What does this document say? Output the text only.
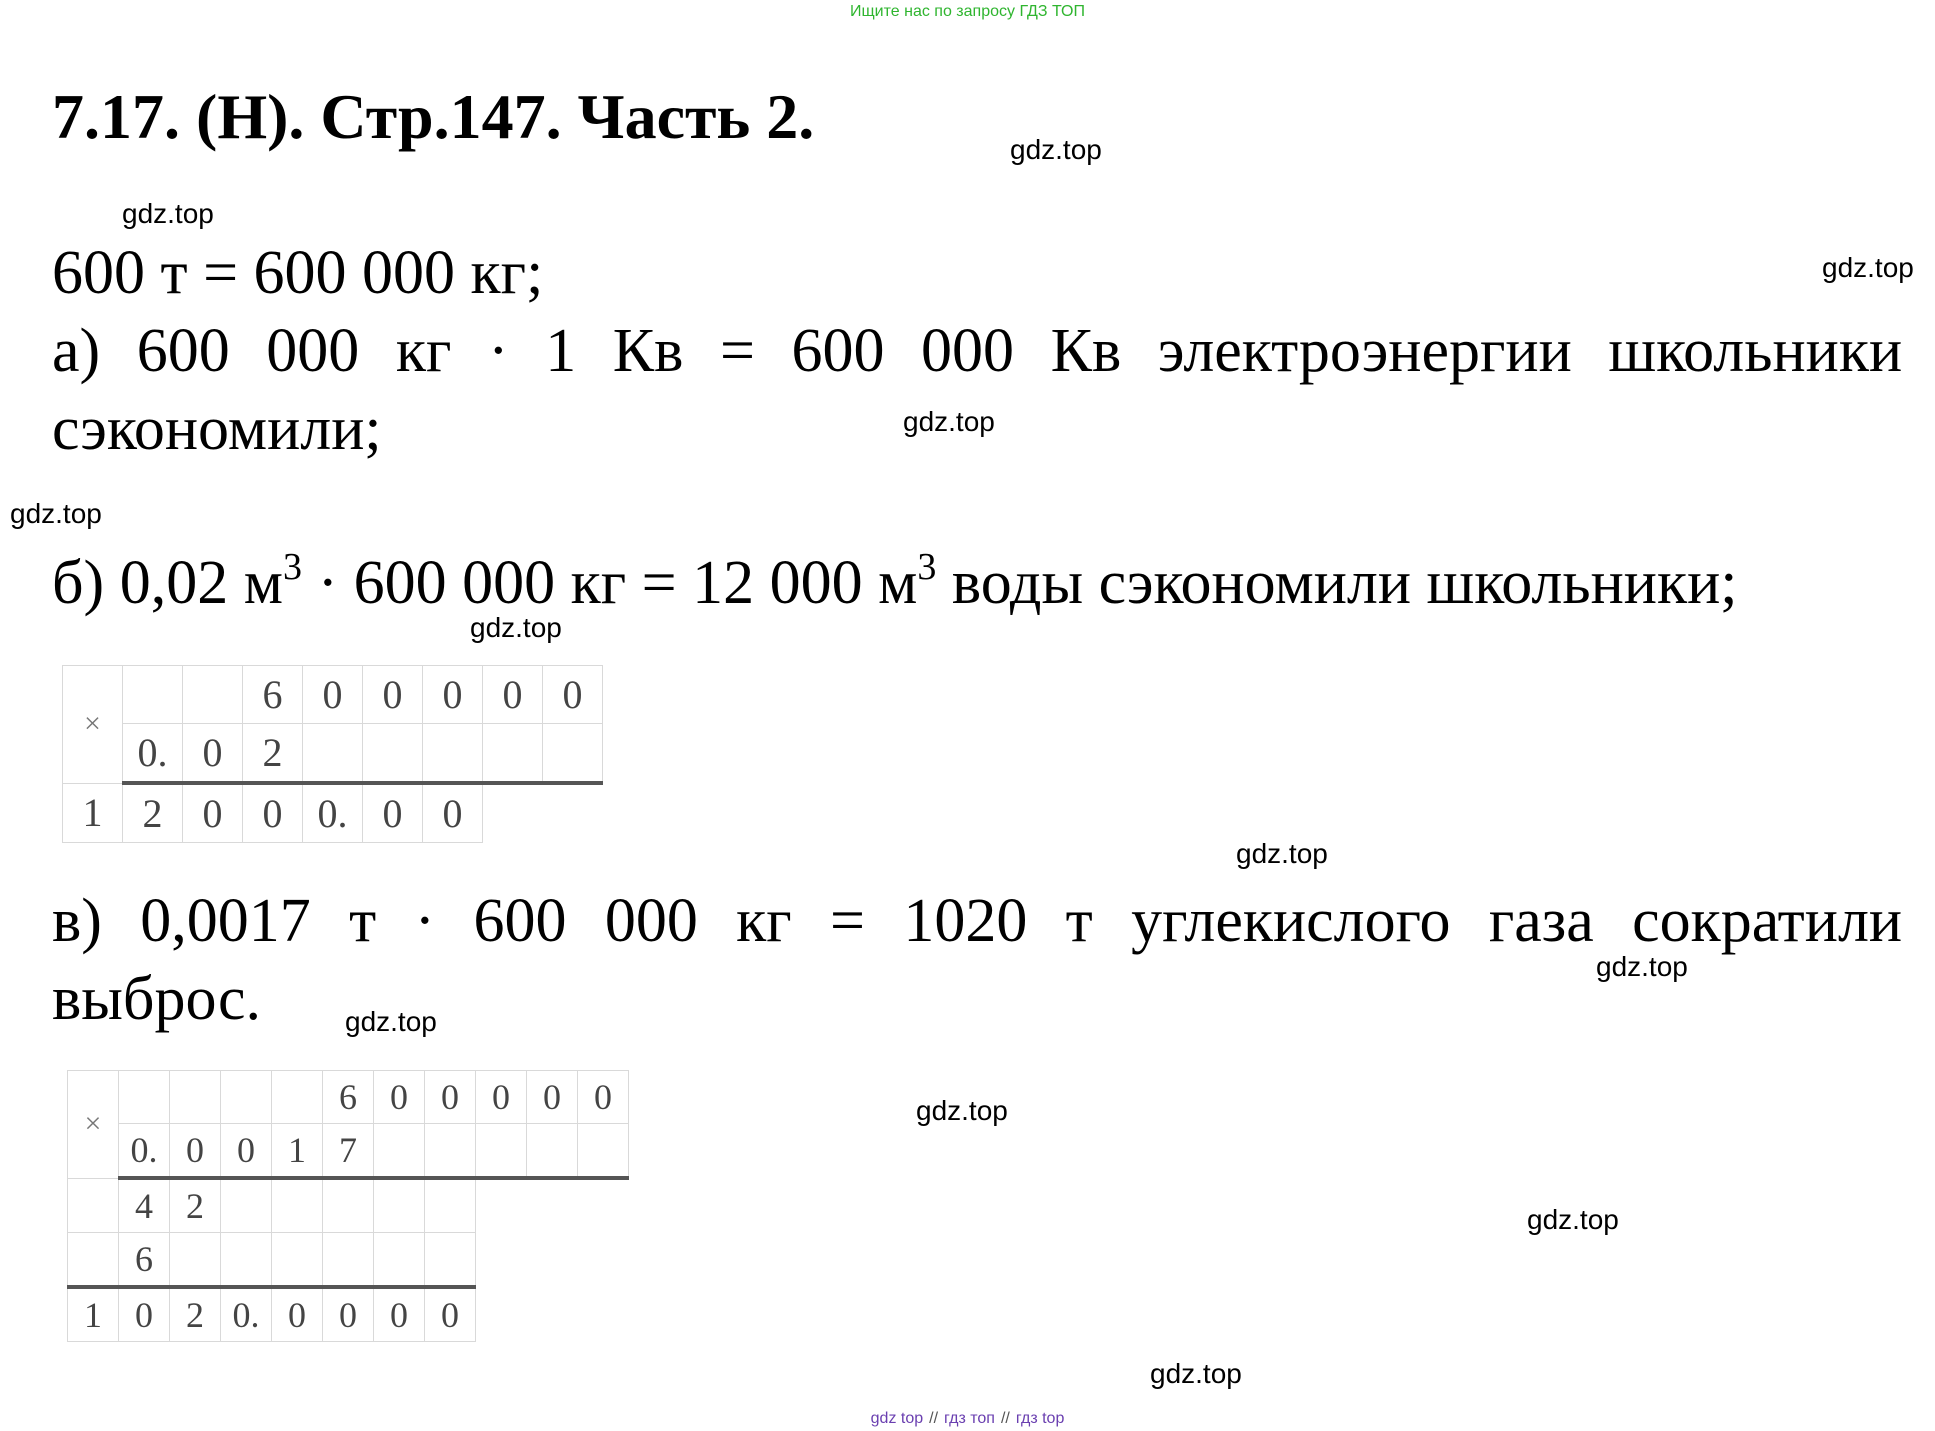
Ищите нас по запросу ГДЗ ТОП
7.17. (Н). Стр.147. Часть 2.	gdz.top
gdz.top
gdz.top
gdz.top
gdz.top
gdz.top
gdz.top
gdz.top
gdz.top
gdz.top
gdz.top
gdz.top
600 т = 600 000 кг;
а) 600 000 кг · 1 Кв = 600 000 Кв электроэнергии школьники
сэкономили;
б) 0,02 $м^3 \cdot 600$ 000 кг = 12 000 $м^3$ воды сэкономили школьники;
×			6	0	0	0	0	0
	0.	0	2					
1	2	0	0	0.	0	0		
в) 0,0017 т · 600 000 кг = 1020 т углекислого газа сократили
выброс.
×					6	0	0	0	0	0
	0.	0	0	1	7					
	4	2								
	6									
1	0	2	0.	0	0	0	0			
gdz top // гдз топ // гдз top
